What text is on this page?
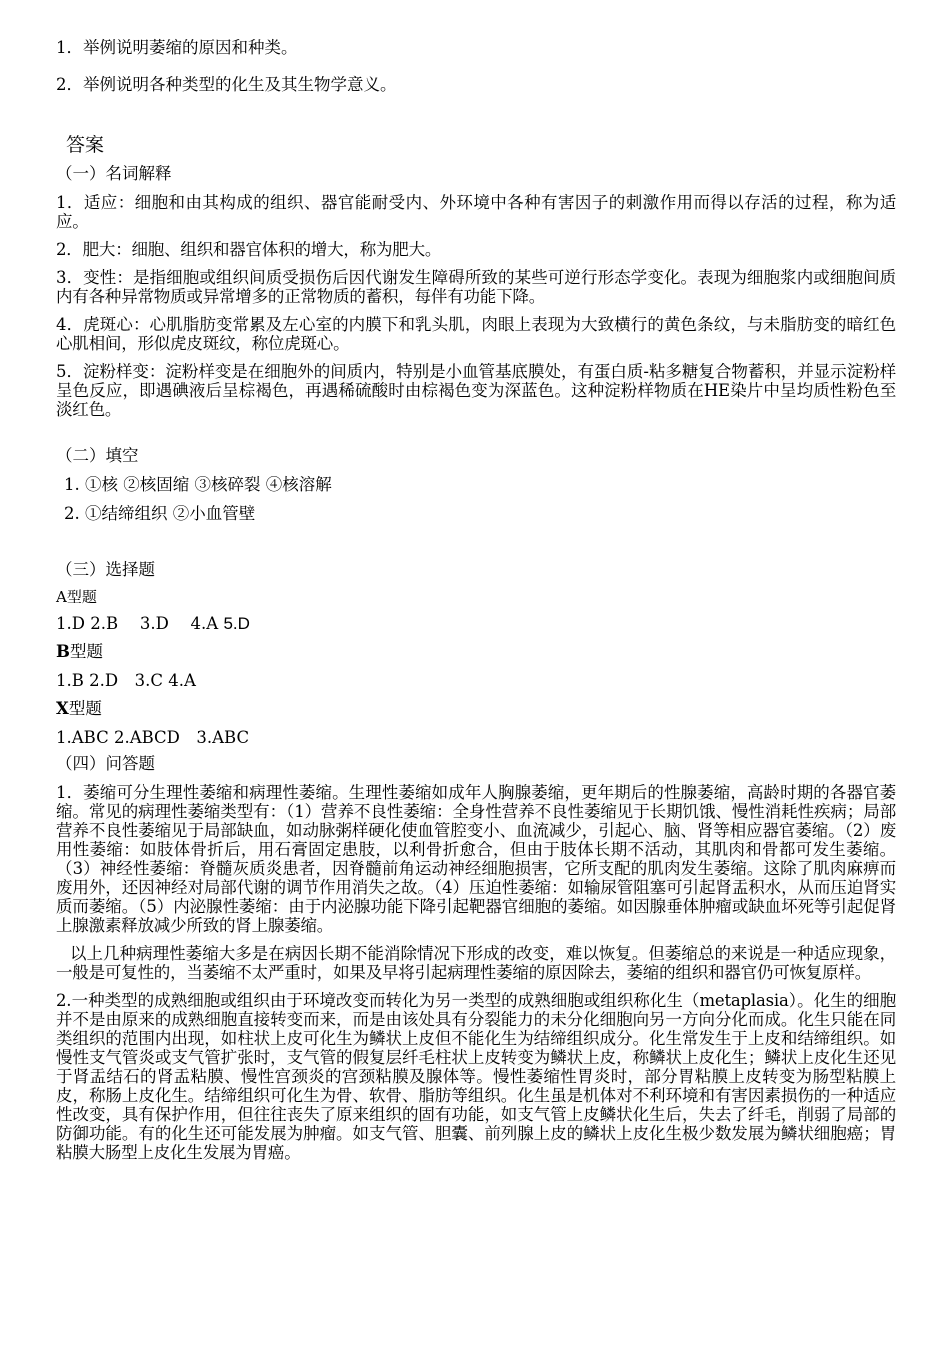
1．举例说明萎缩的原因和种类。
2．举例说明各种类型的化生及其生物学意义。
答案
（一）名词解释
1．适应：细胞和由其构成的组织、器官能耐受内、外环境中各种有害因子的刺激作用而得以存活的过程，称为适应。
2．肥大：细胞、组织和器官体积的增大，称为肥大。
3．变性：是指细胞或组织间质受损伤后因代谢发生障碍所致的某些可逆行形态学变化。表现为细胞浆内或细胞间质内有各种异常物质或异常增多的正常物质的蓄积，每伴有功能下降。
4．虎斑心：心肌脂肪变常累及左心室的内膜下和乳头肌，肉眼上表现为大致横行的黄色条纹，与未脂肪变的暗红色心肌相间，形似虎皮斑纹，称位虎斑心。
5．淀粉样变：淀粉样变是在细胞外的间质内，特别是小血管基底膜处，有蛋白质-粘多糖复合物蓄积，并显示淀粉样呈色反应，即遇碘液后呈棕褐色，再遇稀硫酸时由棕褐色变为深蓝色。这种淀粉样物质在HE染片中呈均质性粉色至淡红色。
（二）填空
1. ①核 ②核固缩 ③核碎裂 ④核溶解
2. ①结缔组织 ②小血管壁
（三）选择题
A型题
1.D 2.B　 3.D　 4.A 5.D
B型题
1.B 2.D　3.C 4.A
X型题
1.ABC 2.ABCD　3.ABC
（四）问答题
1．萎缩可分生理性萎缩和病理性萎缩。生理性萎缩如成年人胸腺萎缩，更年期后的性腺萎缩，高龄时期的各器官萎缩。常见的病理性萎缩类型有：（1）营养不良性萎缩：全身性营养不良性萎缩见于长期饥饿、慢性消耗性疾病；局部营养不良性萎缩见于局部缺血，如动脉粥样硬化使血管腔变小、血流减少，引起心、脑、肾等相应器官萎缩。（2）废用性萎缩：如肢体骨折后，用石膏固定患肢，以利骨折愈合，但由于肢体长期不活动，其肌肉和骨都可发生萎缩。（3）神经性萎缩：脊髓灰质炎患者，因脊髓前角运动神经细胞损害，它所支配的肌肉发生萎缩。这除了肌肉麻痹而废用外，还因神经对局部代谢的调节作用消失之故。（4）压迫性萎缩：如输尿管阻塞可引起肾盂积水，从而压迫肾实质而萎缩。（5）内泌腺性萎缩：由于内泌腺功能下降引起靶器官细胞的萎缩。如因腺垂体肿瘤或缺血坏死等引起促肾上腺激素释放减少所致的肾上腺萎缩。
以上几种病理性萎缩大多是在病因长期不能消除情况下形成的改变，难以恢复。但萎缩总的来说是一种适应现象，一般是可复性的，当萎缩不太严重时，如果及早将引起病理性萎缩的原因除去，萎缩的组织和器官仍可恢复原样。
2.一种类型的成熟细胞或组织由于环境改变而转化为另一类型的成熟细胞或组织称化生（metaplasia）。化生的细胞并不是由原来的成熟细胞直接转变而来，而是由该处具有分裂能力的未分化细胞向另一方向分化而成。化生只能在同类组织的范围内出现，如柱状上皮可化生为鳞状上皮但不能化生为结缔组织成分。化生常发生于上皮和结缔组织。如慢性支气管炎或支气管扩张时，支气管的假复层纤毛柱状上皮转变为鳞状上皮，称鳞状上皮化生；鳞状上皮化生还见于肾盂结石的肾盂粘膜、慢性宫颈炎的宫颈粘膜及腺体等。慢性萎缩性胃炎时，部分胃粘膜上皮转变为肠型粘膜上皮，称肠上皮化生。结缔组织可化生为骨、软骨、脂肪等组织。化生虽是机体对不利环境和有害因素损伤的一种适应性改变，具有保护作用，但往往丧失了原来组织的固有功能，如支气管上皮鳞状化生后，失去了纤毛，削弱了局部的防御功能。有的化生还可能发展为肿瘤。如支气管、胆囊、前列腺上皮的鳞状上皮化生极少数发展为鳞状细胞癌；胃粘膜大肠型上皮化生发展为胃癌。
